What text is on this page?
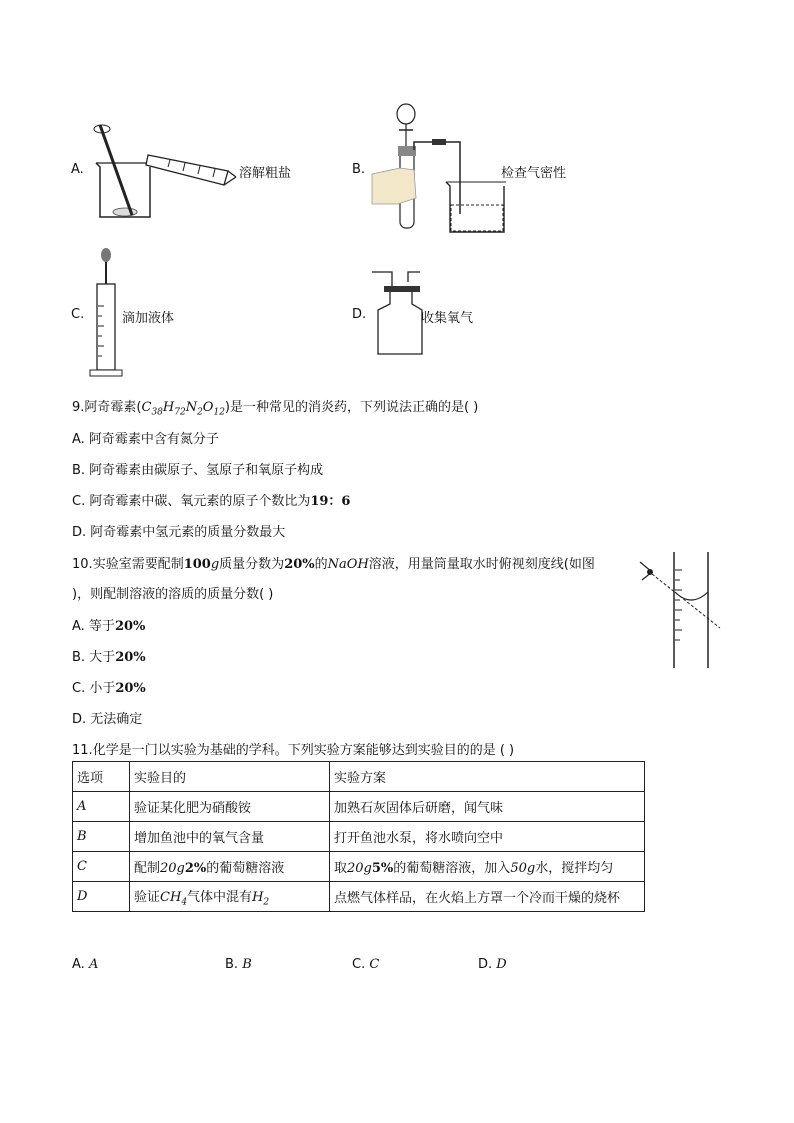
A.	溶解粗盐	B.	检查气密性
C.	滴加液体	D.	收集氧气
9.阿奇霉素$(C_{38}H_{72}N_2O_{12})$是一种常见的消炎药，下列说法正确的是( )
A. 阿奇霉素中含有氮分子
B. 阿奇霉素由碳原子、氢原子和氧原子构成
C. 阿奇霉素中碳、氧元素的原子个数比为19：6
D. 阿奇霉素中氢元素的质量分数最大
10.实验室需要配制100g质量分数为20%的NaOH溶液，用量筒量取水时俯视刻度线(如图
)，则配制溶液的溶质的质量分数( )
A. 等于20%
B. 大于20%
C. 小于20%
D. 无法确定
11.化学是一门以实验为基础的学科。下列实验方案能够达到实验目的的是 ( )
选项	实验目的	实验方案
A	验证某化肥为硝酸铵	加熟石灰固体后研磨，闻气味
B	增加鱼池中的氧气含量	打开鱼池水泵，将水喷向空中
C	配制20g2%的葡萄糖溶液	取20g5%的葡萄糖溶液，加入50g水，搅拌均匀
D	验证$CH_4$气体中混有$H_2$	点燃气体样品，在火焰上方罩一个冷而干燥的烧杯
A. A	B. B	C. C	D. D
